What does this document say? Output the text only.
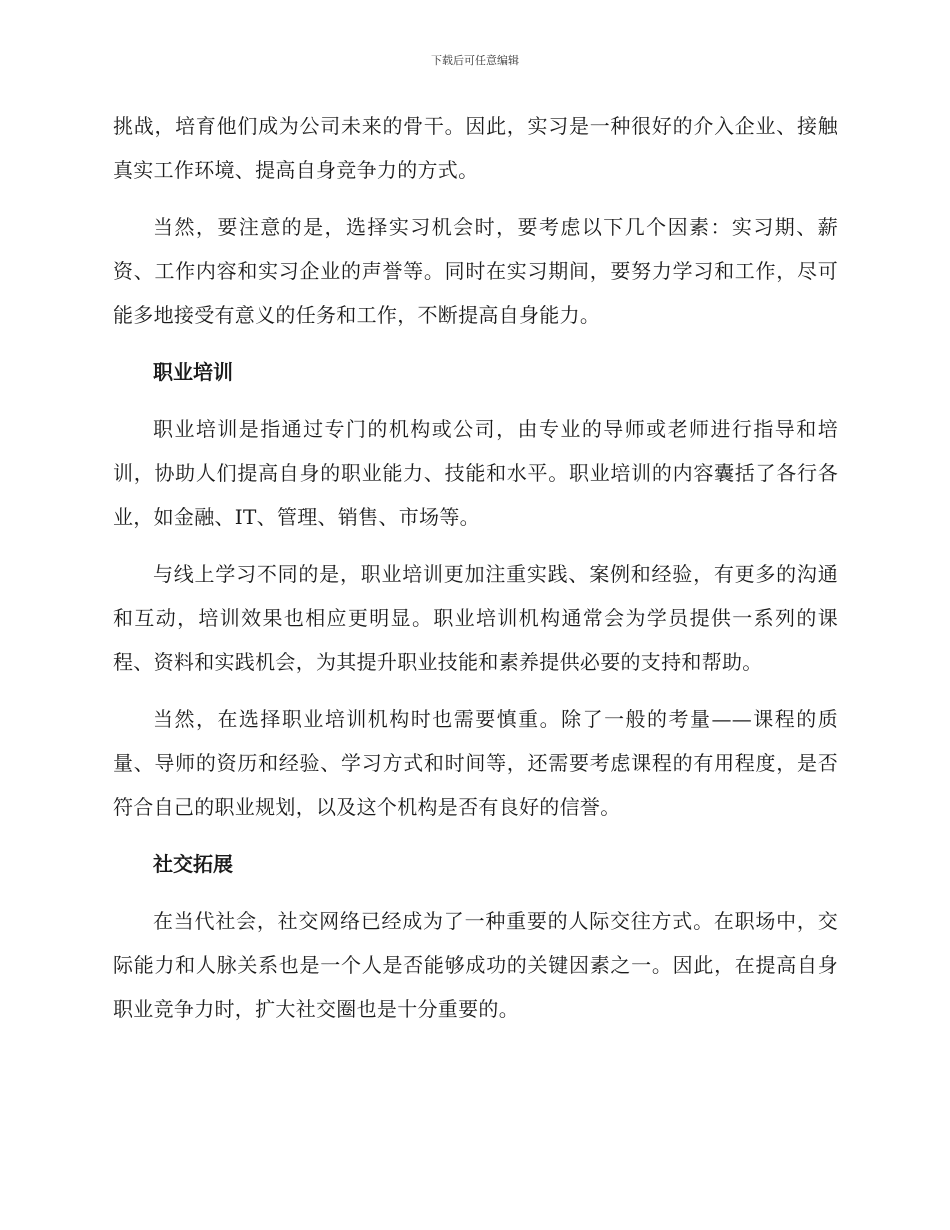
下载后可任意编辑

挑战，培育他们成为公司未来的骨干。因此，实习是一种很好的介入企业、接触真实工作环境、提高自身竞争力的方式。

当然，要注意的是，选择实习机会时，要考虑以下几个因素：实习期、薪资、工作内容和实习企业的声誉等。同时在实习期间，要努力学习和工作，尽可能多地接受有意义的任务和工作，不断提高自身能力。

职业培训

职业培训是指通过专门的机构或公司，由专业的导师或老师进行指导和培训，协助人们提高自身的职业能力、技能和水平。职业培训的内容囊括了各行各业，如金融、IT、管理、销售、市场等。

与线上学习不同的是，职业培训更加注重实践、案例和经验，有更多的沟通和互动，培训效果也相应更明显。职业培训机构通常会为学员提供一系列的课程、资料和实践机会，为其提升职业技能和素养提供必要的支持和帮助。

当然，在选择职业培训机构时也需要慎重。除了一般的考量——课程的质量、导师的资历和经验、学习方式和时间等，还需要考虑课程的有用程度，是否符合自己的职业规划，以及这个机构是否有良好的信誉。

社交拓展

在当代社会，社交网络已经成为了一种重要的人际交往方式。在职场中，交际能力和人脉关系也是一个人是否能够成功的关键因素之一。因此，在提高自身职业竞争力时，扩大社交圈也是十分重要的。
